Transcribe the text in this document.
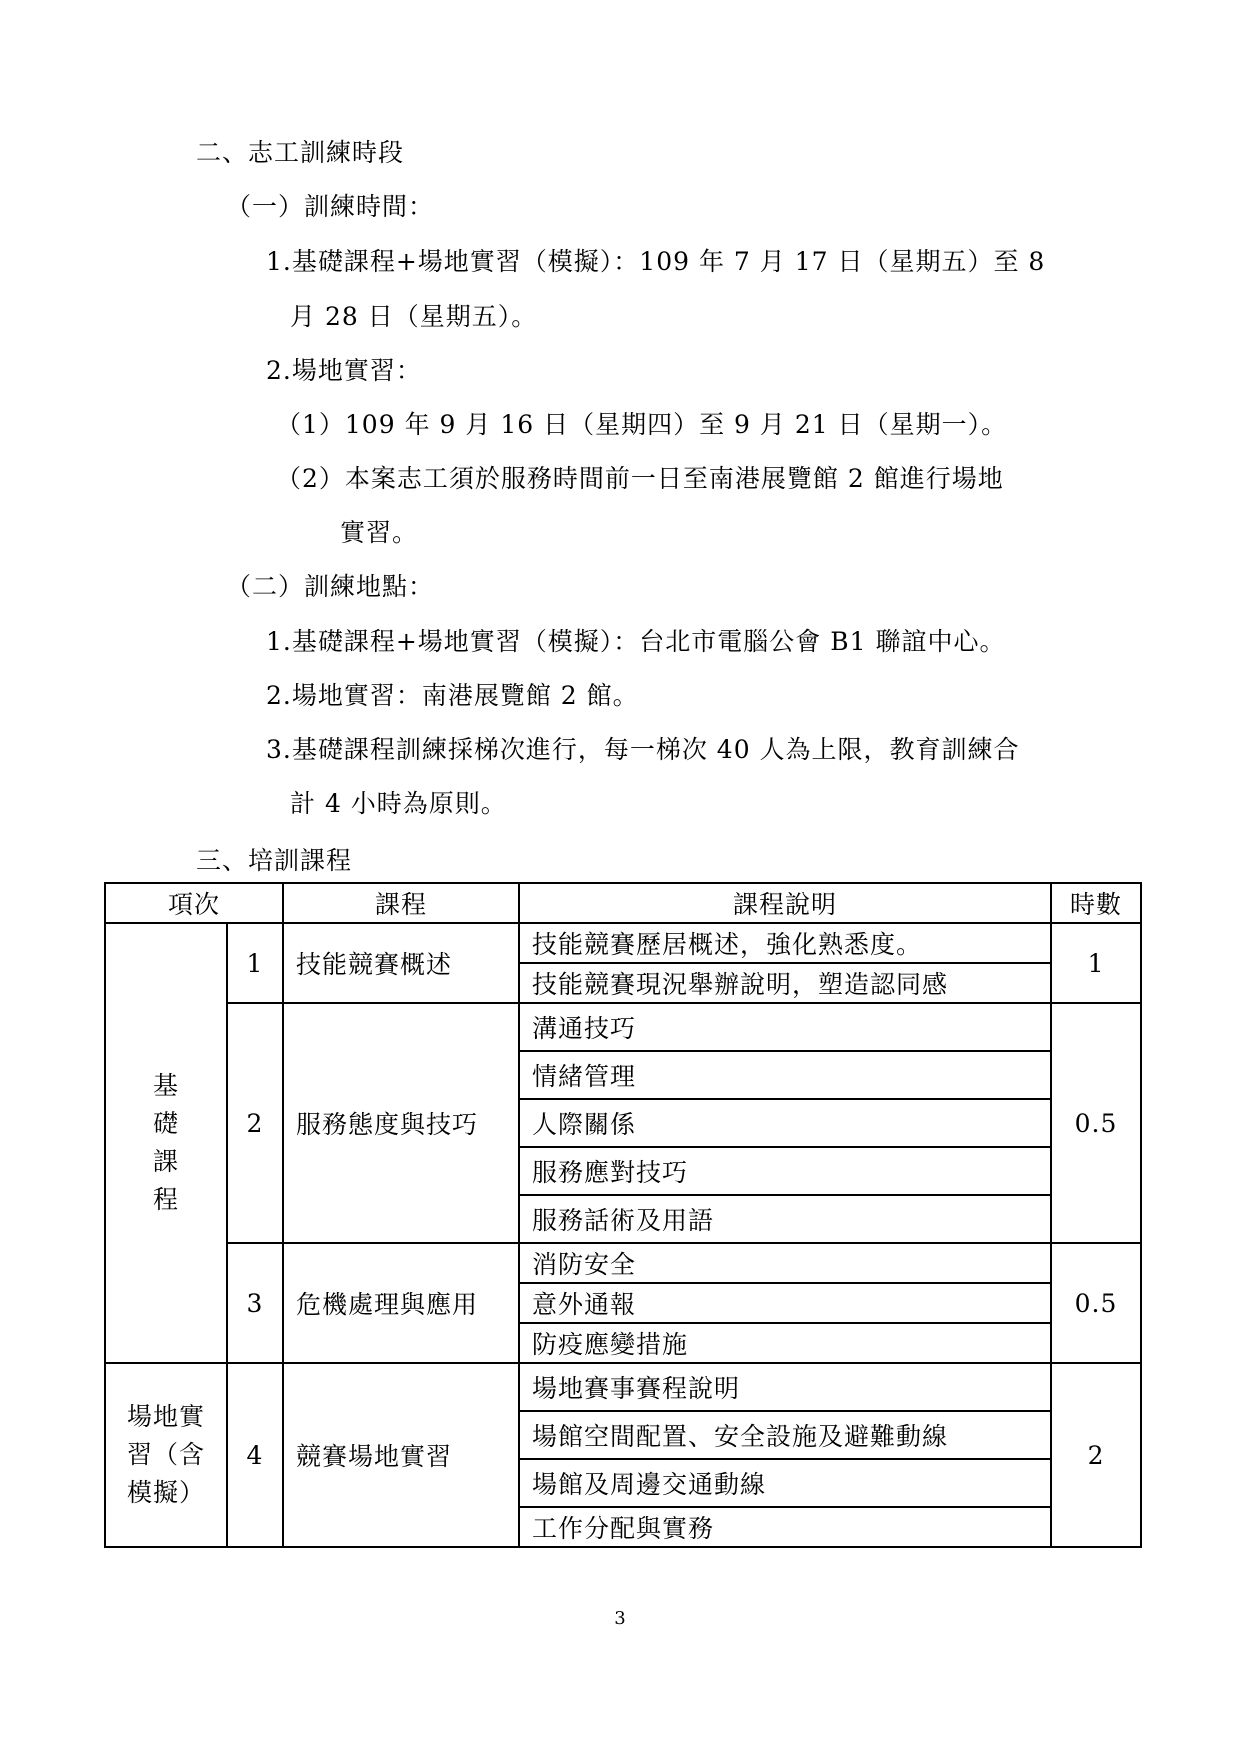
二、志工訓練時段
（一）訓練時間：
1.基礎課程+場地實習（模擬）：109 年 7 月 17 日（星期五）至 8
月 28 日（星期五）。
2.場地實習：
（1）109 年 9 月 16 日（星期四）至 9 月 21 日（星期一）。
（2）本案志工須於服務時間前一日至南港展覽館 2 館進行場地
實習。
（二）訓練地點：
1.基礎課程+場地實習（模擬）：台北市電腦公會 B1 聯誼中心。
2.場地實習：南港展覽館 2 館。
3.基礎課程訓練採梯次進行，每一梯次 40 人為上限，教育訓練合
計 4 小時為原則。
三、培訓課程
項次		課程	課程說明	時數

基
礎
課
程	1	技能競賽概述	技能競賽歷居概述，強化熟悉度。	1
			技能競賽現況舉辦說明，塑造認同感	
	2	服務態度與技巧	溝通技巧	0.5
			情緒管理	
			人際關係	
			服務應對技巧	
			服務話術及用語	
	3	危機處理與應用	消防安全	0.5
			意外通報	
			防疫應變措施	

場地實
習（含
模擬）	4	競賽場地實習	場地賽事賽程說明	2
			場館空間配置、安全設施及避難動線	
			場館及周邊交通動線	
			工作分配與實務	
3
